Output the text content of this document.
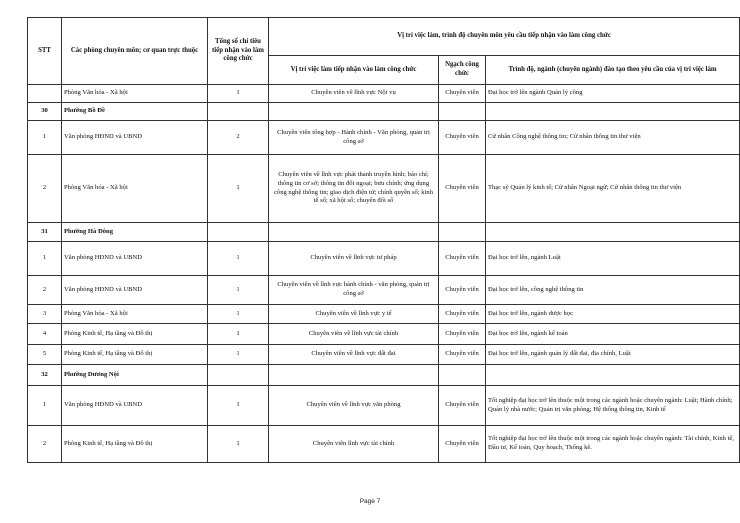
STT	Các phòng chuyên môn; cơ quan trực thuộc	Tổng số chỉ tiêu tiếp nhận vào làm công chức	Vị trí việc làm, trình độ chuyên môn yêu cầu tiếp nhận vào làm công chức		
			Vị trí việc làm tiếp nhận vào làm công chức	Ngạch công chức	Trình độ, ngành (chuyên ngành) đào tạo theo yêu cầu của vị trí việc làm
	Phòng Văn hóa - Xã hội	1	Chuyên viên về lĩnh vực Nội vụ	Chuyên viên	Đại học trở lên ngành Quản lý công
30	Phường Bồ Đề				
1	Văn phòng HĐND và UBND	2	Chuyên viên tổng hợp - Hành chính - Văn phòng, quản trị công sở	Chuyên viên	Cử nhân Công nghệ thông tin; Cử nhân thông tin thư viện
2	Phòng Văn hóa - Xã hội	1	Chuyên viên về lĩnh vực phát thanh truyền hình; báo chí; thông tin cơ sở; thông tin đối ngoại; bưu chính; ứng dụng công nghệ thông tin; giao dịch điện tử; chính quyền số; kinh tế số; xã hội số; chuyển đổi số	Chuyên viên	Thạc sỹ Quản lý kinh tế; Cử nhân Ngoại ngữ; Cử nhân thông tin thư viện
31	Phường Hà Đông				
1	Văn phòng HĐND và UBND	1	Chuyên viên về lĩnh vực tư pháp	Chuyên viên	Đại học trở lên, ngành Luật
2	Văn phòng HĐND và UBND	1	Chuyên viên về lĩnh vực hành chính - văn phòng, quản trị công sở	Chuyên viên	Đại học trở lên, công nghệ thông tin
3	Phòng Văn hóa - Xã hội	1	Chuyên viên về lĩnh vực y tế	Chuyên viên	Đại học trở lên, ngành dược học
4	Phòng Kinh tế, Hạ tầng và Đô thị	1	Chuyên viên về lĩnh vực tài chính	Chuyên viên	Đại học trở lên, ngành kế toán
5	Phòng Kinh tế, Hạ tầng và Đô thị	1	Chuyên viên về lĩnh vực đất đai	Chuyên viên	Đại học trở lên, ngành quản lý đất đai, địa chính, Luật
32	Phường Dương Nội				
1	Văn phòng HĐND và UBND	1	Chuyên viên về lĩnh vực văn phòng	Chuyên viên	Tốt nghiệp đại học trở lên thuộc một trong các ngành hoặc chuyên ngành: Luật; Hành chính; Quản lý nhà nước; Quản trị văn phòng; Hệ thống thông tin, Kinh tế
2	Phòng Kinh tế, Hạ tầng và Đô thị	1	Chuyên viên lĩnh vực tài chính	Chuyên viên	Tốt nghiệp đại học trở lên thuộc một trong các ngành hoặc chuyên ngành: Tài chính, Kinh tế, Đầu tư, Kế toán, Quy hoạch, Thống kê.
Page 7
